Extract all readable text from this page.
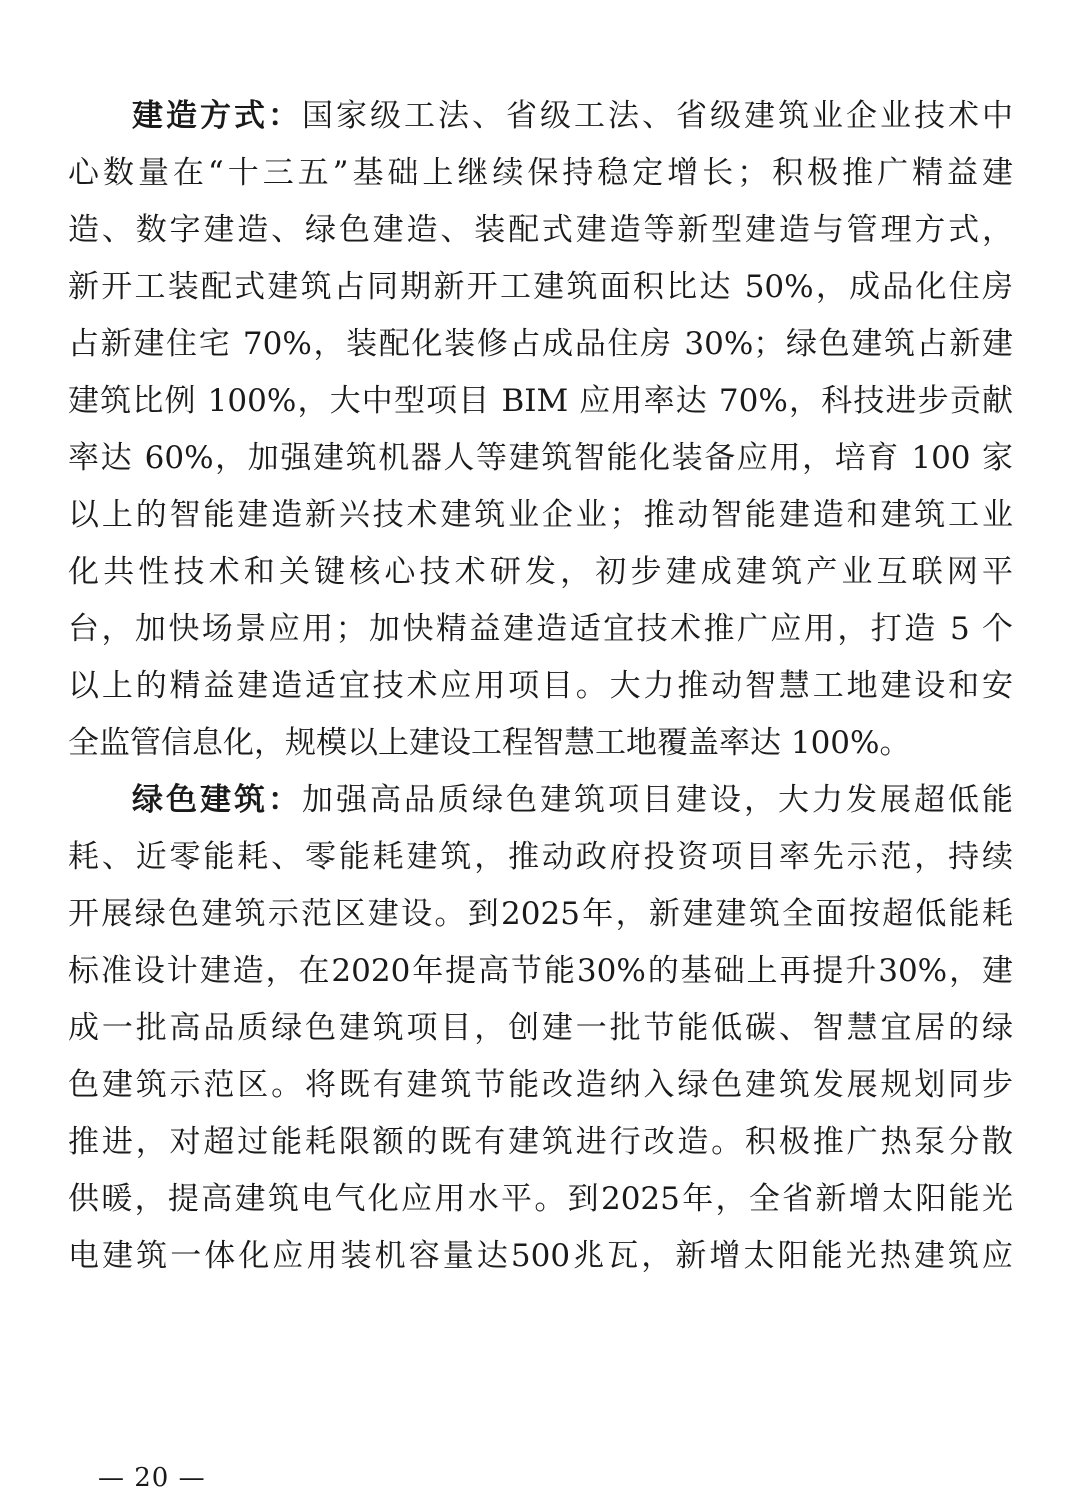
建造方式：国家级工法、省级工法、省级建筑业企业技术中
心数量在“十三五”基础上继续保持稳定增长；积极推广精益建
造、数字建造、绿色建造、装配式建造等新型建造与管理方式，
新开工装配式建筑占同期新开工建筑面积比达 50%，成品化住房
占新建住宅 70%，装配化装修占成品住房 30%；绿色建筑占新建
建筑比例 100%，大中型项目 BIM 应用率达 70%，科技进步贡献
率达 60%，加强建筑机器人等建筑智能化装备应用，培育 100 家
以上的智能建造新兴技术建筑业企业；推动智能建造和建筑工业
化共性技术和关键核心技术研发，初步建成建筑产业互联网平
台，加快场景应用；加快精益建造适宜技术推广应用，打造 5 个
以上的精益建造适宜技术应用项目。大力推动智慧工地建设和安
全监管信息化，规模以上建设工程智慧工地覆盖率达 100%。
绿色建筑：加强高品质绿色建筑项目建设，大力发展超低能
耗、近零能耗、零能耗建筑，推动政府投资项目率先示范，持续
开展绿色建筑示范区建设。到2025年，新建建筑全面按超低能耗
标准设计建造，在2020年提高节能30%的基础上再提升30%，建
成一批高品质绿色建筑项目，创建一批节能低碳、智慧宜居的绿
色建筑示范区。将既有建筑节能改造纳入绿色建筑发展规划同步
推进，对超过能耗限额的既有建筑进行改造。积极推广热泵分散
供暖，提高建筑电气化应用水平。到2025年，全省新增太阳能光
电建筑一体化应用装机容量达500兆瓦，新增太阳能光热建筑应
— 20 —
